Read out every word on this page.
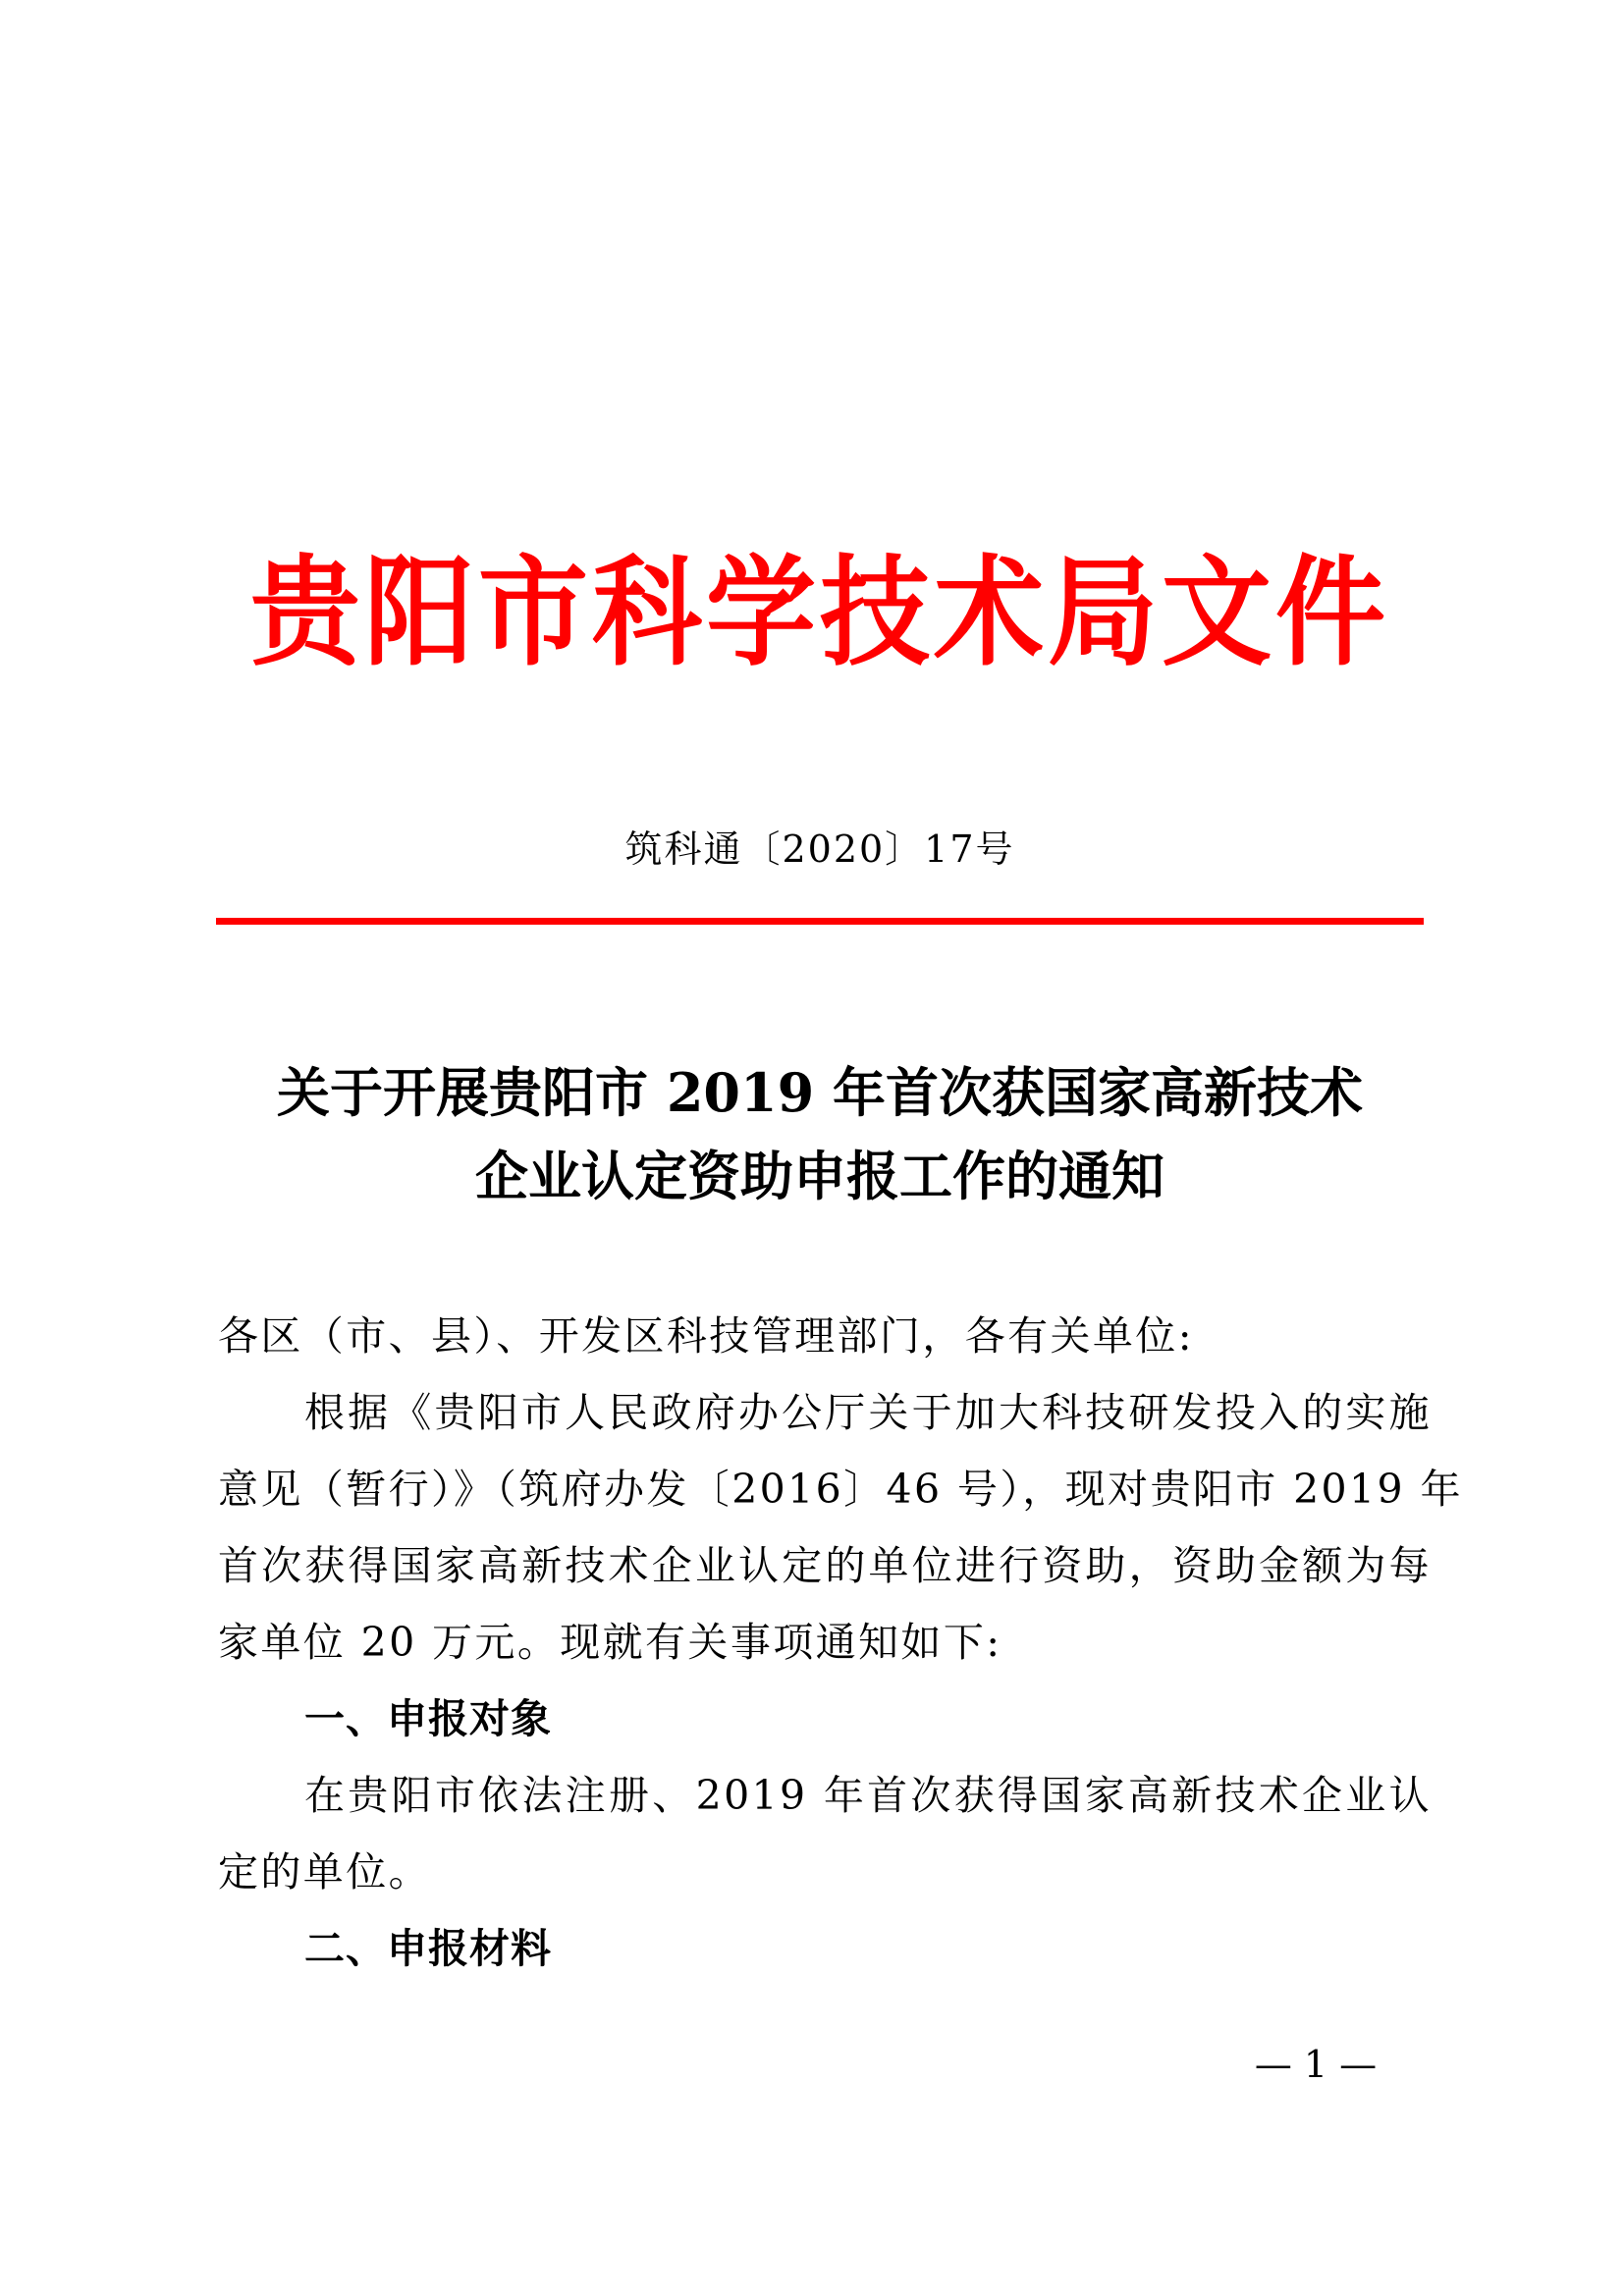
贵阳市科学技术局文件
筑科通〔2020〕17号
关于开展贵阳市 2019 年首次获国家高新技术
企业认定资助申报工作的通知
各区（市、县）、开发区科技管理部门，各有关单位:
根据《贵阳市人民政府办公厅关于加大科技研发投入的实施
意见（暂行）》（筑府办发〔2016〕46 号），现对贵阳市 2019 年
首次获得国家高新技术企业认定的单位进行资助，资助金额为每
家单位 20 万元。现就有关事项通知如下:
一、申报对象
在贵阳市依法注册、2019 年首次获得国家高新技术企业认
定的单位。
二、申报材料
— 1 —
